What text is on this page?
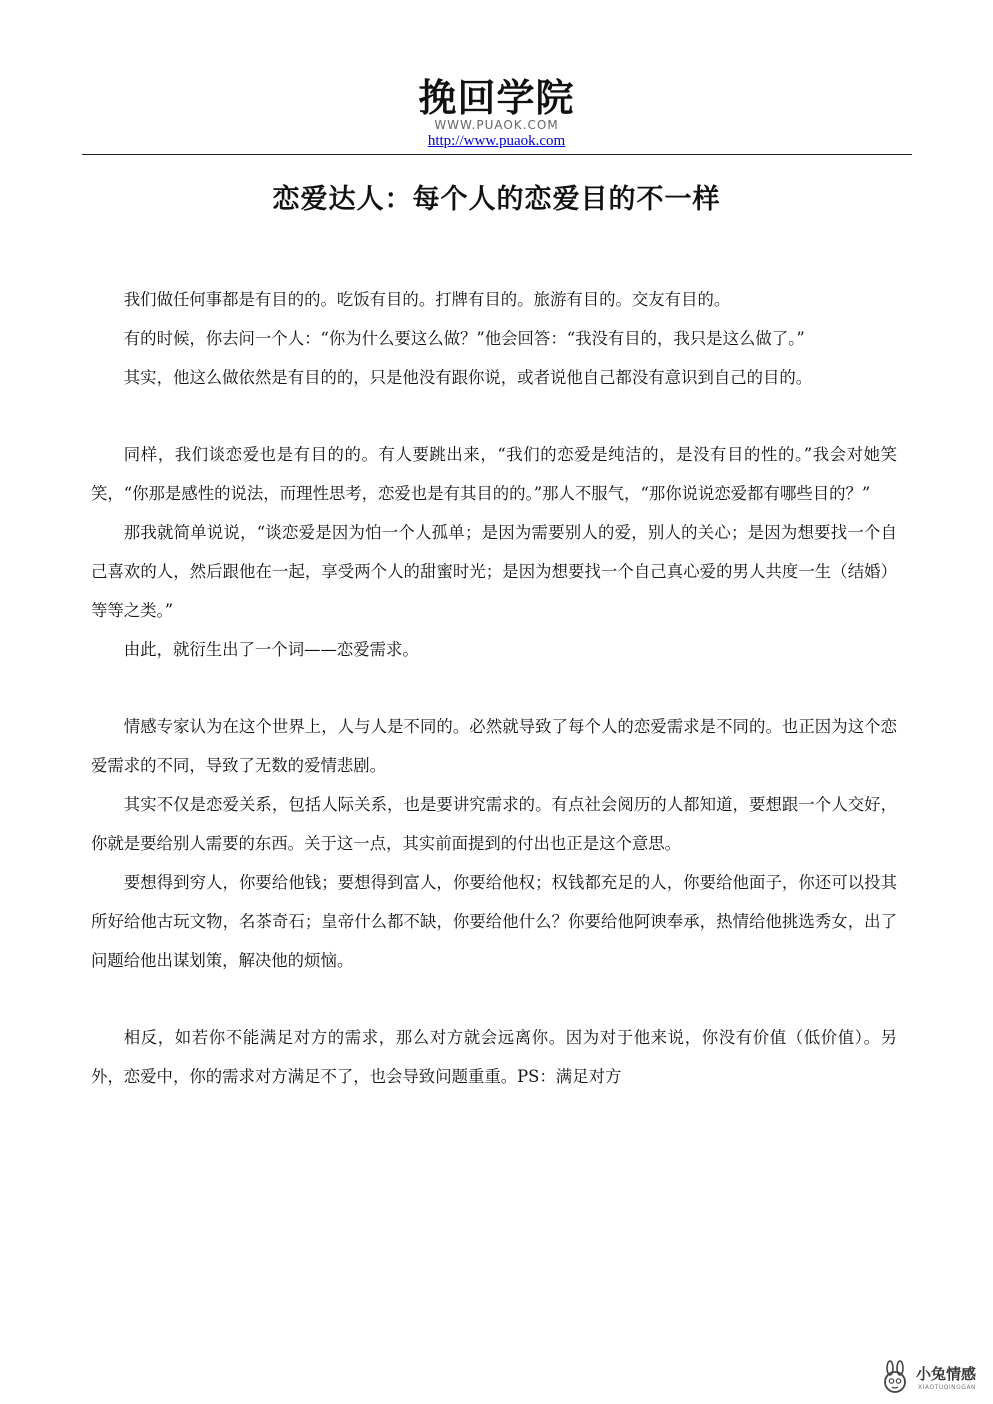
挽回学院
WWW.PUAOK.COM
http://www.puaok.com
恋爱达人：每个人的恋爱目的不一样

我们做任何事都是有目的的。吃饭有目的。打牌有目的。旅游有目的。交友有目的。

有的时候，你去问一个人：“你为什么要这么做？”他会回答：“我没有目的，我只是这么做了。”

其实，他这么做依然是有目的的，只是他没有跟你说，或者说他自己都没有意识到自己的目的。

同样，我们谈恋爱也是有目的的。有人要跳出来，“我们的恋爱是纯洁的，是没有目的性的。”我会对她笑笑，“你那是感性的说法，而理性思考，恋爱也是有其目的的。”那人不服气，“那你说说恋爱都有哪些目的？”

那我就简单说说，“谈恋爱是因为怕一个人孤单；是因为需要别人的爱，别人的关心；是因为想要找一个自己喜欢的人，然后跟他在一起，享受两个人的甜蜜时光；是因为想要找一个自己真心爱的男人共度一生（结婚）等等之类。”

由此，就衍生出了一个词——恋爱需求。

情感专家认为在这个世界上，人与人是不同的。必然就导致了每个人的恋爱需求是不同的。也正因为这个恋爱需求的不同，导致了无数的爱情悲剧。

其实不仅是恋爱关系，包括人际关系，也是要讲究需求的。有点社会阅历的人都知道，要想跟一个人交好，你就是要给别人需要的东西。关于这一点，其实前面提到的付出也正是这个意思。

要想得到穷人，你要给他钱；要想得到富人，你要给他权；权钱都充足的人，你要给他面子，你还可以投其所好给他古玩文物，名茶奇石；皇帝什么都不缺，你要给他什么？你要给他阿谀奉承，热情给他挑选秀女，出了问题给他出谋划策，解决他的烦恼。

相反，如若你不能满足对方的需求，那么对方就会远离你。因为对于他来说，你没有价值（低价值）。另外，恋爱中，你的需求对方满足不了，也会导致问题重重。PS：满足对方

小兔情感
XIAOTUQINGGAN
